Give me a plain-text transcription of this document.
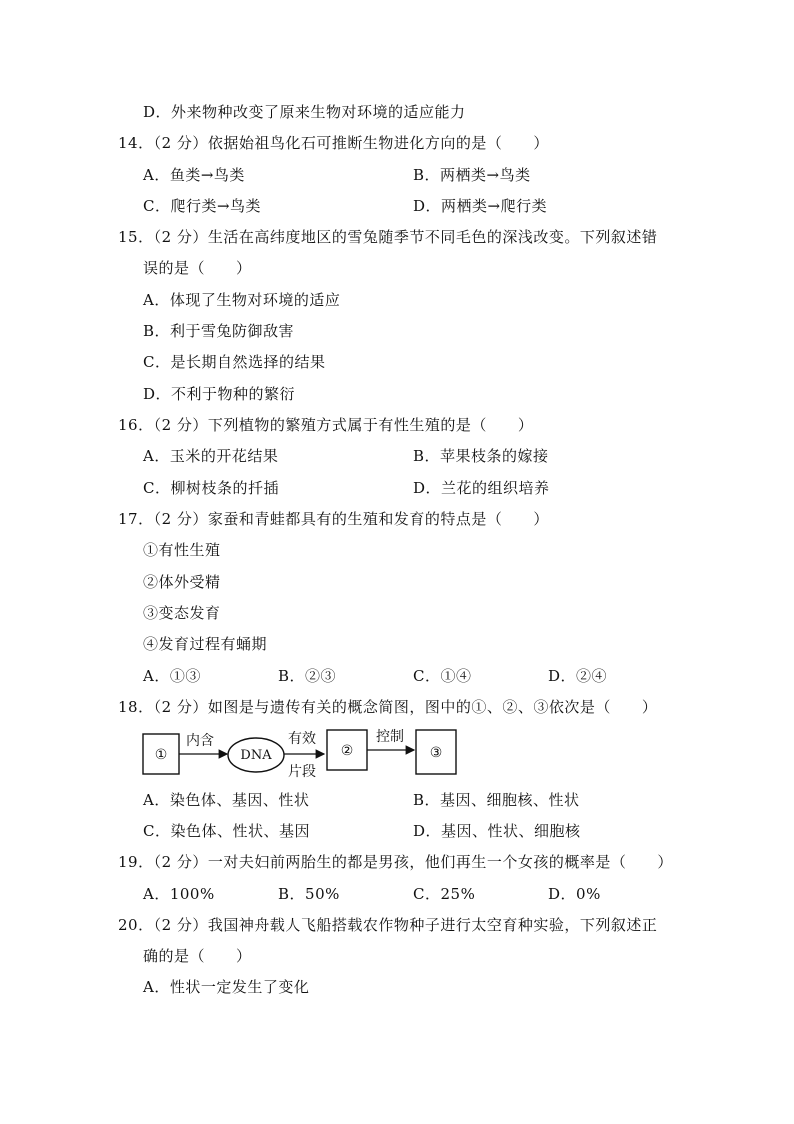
D．外来物种改变了原来生物对环境的适应能力
14．（2 分）依据始祖鸟化石可推断生物进化方向的是（　　）
A．鱼类→鸟类	B．两栖类→鸟类
C．爬行类→鸟类	D．两栖类→爬行类
15．（2 分）生活在高纬度地区的雪兔随季节不同毛色的深浅改变。下列叙述错
误的是（　　）
A．体现了生物对环境的适应
B．利于雪兔防御敌害
C．是长期自然选择的结果
D．不利于物种的繁衍
16．（2 分）下列植物的繁殖方式属于有性生殖的是（　　）
A．玉米的开花结果	B．苹果枝条的嫁接
C．柳树枝条的扦插	D．兰花的组织培养
17．（2 分）家蚕和青蛙都具有的生殖和发育的特点是（　　）
①有性生殖
②体外受精
③变态发育
④发育过程有蛹期
A．①③	B．②③	C．①④	D．②④
18．（2 分）如图是与遗传有关的概念简图，图中的①、②、③依次是（　　）
①
内含
DNA
有效
片段
②
控制
③
A．染色体、基因、性状	B．基因、细胞核、性状
C．染色体、性状、基因	D．基因、性状、细胞核
19．（2 分）一对夫妇前两胎生的都是男孩，他们再生一个女孩的概率是（　　）
A．100%	B．50%	C．25%	D．0%
20．（2 分）我国神舟载人飞船搭载农作物种子进行太空育种实验，下列叙述正
确的是（　　）
A．性状一定发生了变化
